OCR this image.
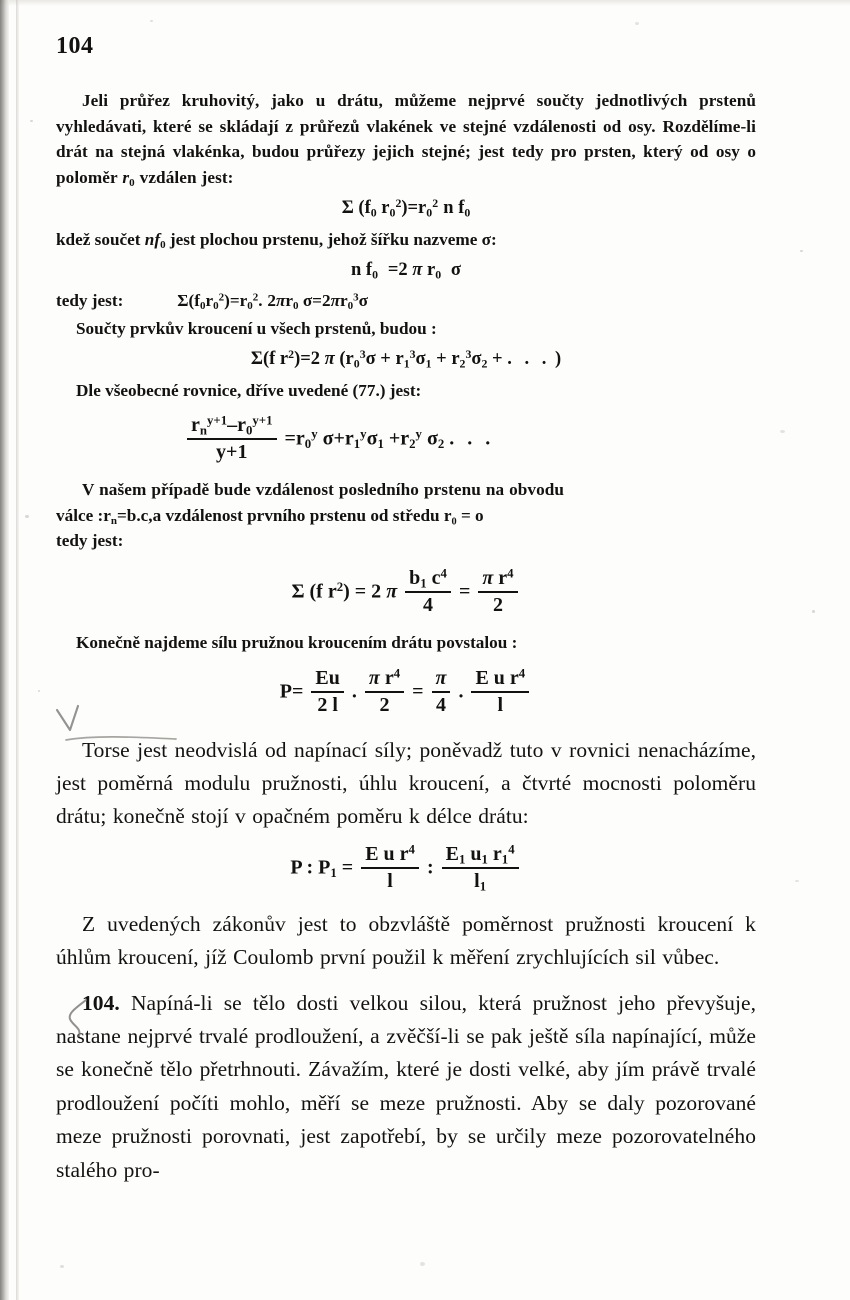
104

Jeli průřez kruhovitý, jako u drátu, můžeme nejprvé součty jednotlivých prstenů vyhledávati, které se skládají z průřezů vlakének ve stejné vzdálenosti od osy. Rozdělíme-li drát na stejná vlakénka, budou průřezy jejich stejné; jest tedy pro prsten, který od osy o poloměr $r_0$ vzdálen jest:

Σ ($f_0$ $r_0^2)=r_0^2$ n $f_0$

kdež součet $nf_0$ jest plochou prstenu, jehož šířku nazveme σ:

n $f_0 =2$ π $r_0$ σ
tedy jest:	$\Sigma(f_0r_0^2)=r_0^2$. $2\pi r_0$ $\sigma=2\pi r_0^3\sigma$

Součty prvkův kroucení u všech prstenů, budou :

Σ(f $r^2)=2$ π ($r_0^3\sigma + r_1^3\sigma_1 + r_2^3\sigma_2$ + . . . )

Dle všeobecné rovnice, dříve uvedené (77.) jest:

$\frac{r_n^{y+1}-r_0^{y+1}}{y+1} =r_0^y$ $\sigma+r_1^y\sigma_1 +r_2^y$ $\sigma_2$ . . .

V našem případě bude vzdálenost posledního prstenu na obvodu

válce $:r_n=b.c,a$ vzdálenost prvního prstenu od středu r₀ = o

tedy jest:

Σ (f $r^2) = 2$ π $\frac{b_1 c^4}{4} = \frac{\pi r^4}{2}$

Konečně najdeme sílu pružnou kroucením drátu povstalou :

$P= \frac{Eu}{2 l}$ . $\frac{\pi r^4}{2} = \frac{\pi}{4}$ . $\frac{E u r^4}{l}$

Torse jest neodvislá od napínací síly; poněvadž tuto v rovnici nenacházíme, jest poměrná modulu pružnosti, úhlu kroucení, a čtvrté mocnosti poloměru drátu; konečně stojí v opačném poměru k délce drátu:

P : $P_1 = \frac{E u r^4}{l}$ : $\frac{E_1 u_1 r_1^4}{l_1}$

Z uvedených zákonův jest to obzvláště poměrnost pružnosti kroucení k úhlům kroucení, jíž Coulomb první použil k měření zrychlujících sil vůbec.

104. Napíná-li se tělo dosti velkou silou, která pružnost jeho převyšuje, nastane nejprvé trvalé prodloužení, a zvěčší-li se pak ještě síla napínající, může se konečně tělo přetrhnouti. Závažím, které je dosti velké, aby jím právě trvalé prodloužení počíti mohlo, měří se meze pružnosti. Aby se daly pozorované meze pružnosti porovnati, jest zapotřebí, by se určily meze pozorovatelného stalého pro-
